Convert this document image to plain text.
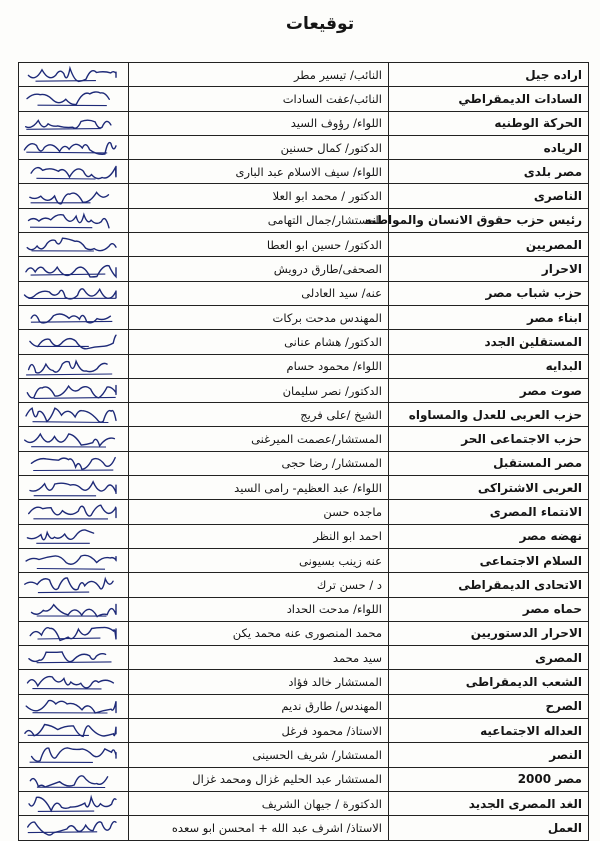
توقيعات
اراده جيل	النائب/ تيسير مطر	

السادات الديمقراطي	النائب/عفت السادات	

الحركة الوطنيه	اللواء/ رؤوف السيد	

الرياده	الدكتور/ كمال حسنين	

مصر بلدى	اللواء/ سيف الاسلام عبد البارى	

الناصرى	الدكتور / محمد ابو العلا	

رئيس حزب حقوق الانسان والمواطنه	المستشار/جمال التهامى	

المصريين	الدكتور/ حسين ابو العطا	

الاحرار	الصحفى/طارق درويش	

حزب شباب مصر	عنه/ سيد العادلى	

ابناء مصر	المهندس مدحت بركات	

المستقلين الجدد	الدكتور/ هشام عنانى	

البدايه	اللواء/ محمود حسام	

صوت مصر	الدكتور/ نصر سليمان	

حزب العربى للعدل والمساواه	الشيخ /على فريج	

حزب الاجتماعى الحر	المستشار/عصمت الميرغنى	

مصر المستقبل	المستشار/ رضا حجى	

العربى الاشتراكى	اللواء/ عبد العظيم- رامى السيد	

الانتماء المصرى	ماجده حسن	

نهضه مصر	احمد ابو النظر	

السلام الاجتماعى	عنه زينب بسيونى	

الاتحادى الديمقراطى	د / حسن ترك	

حماه مصر	اللواء/ مدحت الحداد	

الاحرار الدستوريين	محمد المنصورى عنه محمد يكن	

المصرى	سيد محمد	

الشعب الديمقراطى	المستشار خالد فؤاد	

الصرح	المهندس/ طارق نديم	

العداله الاجتماعيه	الاستاذ/ محمود فرغل	

النصر	المستشار/ شريف الحسينى	

مصر 2000	المستشار عبد الحليم غزال ومحمد غزال	

الغد المصرى الجديد	الدكتورة / جيهان الشريف	

العمل	الاستاذ/ اشرف عبد الله + امحسن ابو سعده	
